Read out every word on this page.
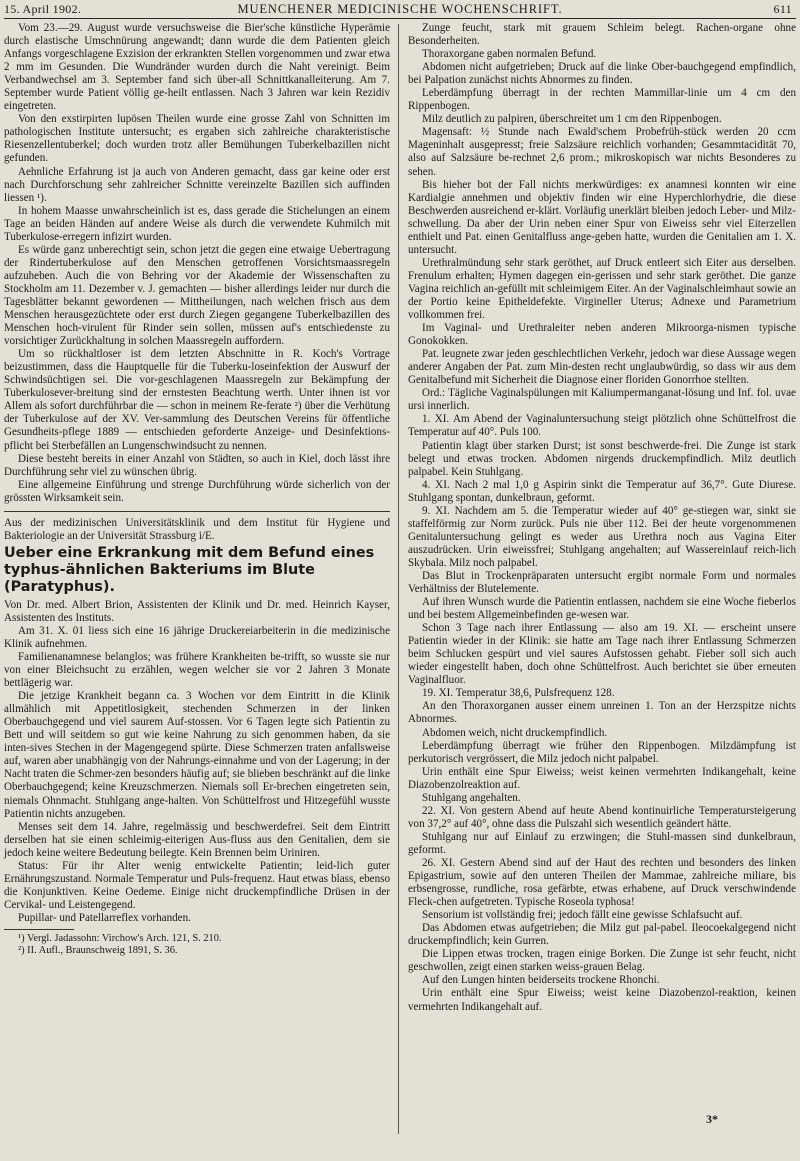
15. April 1902.	MUENCHENER MEDICINISCHE WOCHENSCHRIFT.	611

Vom 23.—29. August wurde versuchsweise die Bier'sche künstliche Hyperämie durch elastische Umschnürung angewandt; dann wurde die dem Patienten gleich Anfangs vorgeschlagene Exzision der erkrankten Stellen vorgenommen und zwar etwa 2 mm im Gesunden. Die Wundränder wurden durch die Naht vereinigt. Beim Verbandwechsel am 3. September fand sich über-all Schnittkanalleiterung. Am 7. September wurde Patient völlig ge-heilt entlassen. Nach 3 Jahren war kein Rezidiv eingetreten.

Von den exstirpirten lupösen Theilen wurde eine grosse Zahl von Schnitten im pathologischen Institute untersucht; es ergaben sich zahlreiche charakteristische Riesenzellentuberkel; doch wurden trotz aller Bemühungen Tuberkelbazillen nicht gefunden.

Aehnliche Erfahrung ist ja auch von Anderen gemacht, dass gar keine oder erst nach Durchforschung sehr zahlreicher Schnitte vereinzelte Bazillen sich auffinden liessen ¹).

In hohem Maasse unwahrscheinlich ist es, dass gerade die Stichelungen an einem Tage an beiden Händen auf andere Weise als durch die verwendete Kuhmilch mit Tuberkulose-erregern infizirt wurden.

Es würde ganz unberechtigt sein, schon jetzt die gegen eine etwaige Uebertragung der Rindertuberkulose auf den Menschen getroffenen Vorsichtsmaassregeln aufzuheben. Auch die von Behring vor der Akademie der Wissenschaften zu Stockholm am 11. Dezember v. J. gemachten — bisher allerdings leider nur durch die Tagesblätter bekannt gewordenen — Mittheilungen, nach welchen frisch aus dem Menschen herausgezüchtete oder erst durch Ziegen gegangene Tuberkelbazillen des Menschen hoch-virulent für Rinder sein sollen, müssen auf's entschiedenste zu vorsichtiger Zurückhaltung in solchen Maassregeln auffordern.

Um so rückhaltloser ist dem letzten Abschnitte in R. Koch's Vortrage beizustimmen, dass die Hauptquelle für die Tuberku-loseinfektion der Auswurf der Schwindsüchtigen sei. Die vor-geschlagenen Maassregeln zur Bekämpfung der Tuberkulosever-breitung sind der ernstesten Beachtung werth. Unter ihnen ist vor Allem als sofort durchführbar die — schon in meinem Re-ferate ²) über die Verhütung der Tuberkulose auf der XV. Ver-sammlung des Deutschen Vereins für öffentliche Gesundheits-pflege 1889 — entschieden geforderte Anzeige- und Desinfektions-pflicht bei Sterbefällen an Lungenschwindsucht zu nennen.

Diese besteht bereits in einer Anzahl von Städten, so auch in Kiel, doch lässt ihre Durchführung sehr viel zu wünschen übrig.

Eine allgemeine Einführung und strenge Durchführung würde sicherlich von der grössten Wirksamkeit sein.

Aus der medizinischen Universitätsklinik und dem Institut für Hygiene und Bakteriologie an der Universität Strassburg i/E.

Ueber eine Erkrankung mit dem Befund eines typhus-ähnlichen Bakteriums im Blute (Paratyphus).

Von Dr. med. Albert Brion, Assistenten der Klinik und Dr. med. Heinrich Kayser, Assistenten des Instituts.

Am 31. X. 01 liess sich eine 16 jährige Druckereiarbeiterin in die medizinische Klinik aufnehmen.

Familienanamnese belanglos; was frühere Krankheiten be-trifft, so wusste sie nur von einer Bleichsucht zu erzählen, wegen welcher sie vor 2 Jahren 3 Monate bettlägerig war.

Die jetzige Krankheit begann ca. 3 Wochen vor dem Eintritt in die Klinik allmählich mit Appetitlosigkeit, stechenden Schmerzen in der linken Oberbauchgegend und viel saurem Auf-stossen. Vor 6 Tagen legte sich Patientin zu Bett und will seitdem so gut wie keine Nahrung zu sich genommen haben, da sie inten-sives Stechen in der Magengegend spürte. Diese Schmerzen traten anfallsweise auf, waren aber unabhängig von der Nahrungs-einnahme und von der Lagerung; in der Nacht traten die Schmer-zen besonders häufig auf; sie blieben beschränkt auf die linke Oberbauchgegend; keine Kreuzschmerzen. Niemals soll Er-brechen eingetreten sein, niemals Ohnmacht. Stuhlgang ange-halten. Von Schüttelfrost und Hitzegefühl wusste Patientin nichts anzugeben.

Menses seit dem 14. Jahre, regelmässig und beschwerdefrei. Seit dem Eintritt derselben hat sie einen schleimig-eiterigen Aus-fluss aus den Genitalien, dem sie jedoch keine weitere Bedeutung beilegte. Kein Brennen beim Uriniren.

Status: Für ihr Alter wenig entwickelte Patientin; leid-lich guter Ernährungszustand. Normale Temperatur und Puls-frequenz. Haut etwas blass, ebenso die Konjunktiven. Keine Oedeme. Einige nicht druckempfindliche Drüsen in der Cervikal- und Leistengegend.

Pupillar- und Patellarreflex vorhanden.

¹) Vergl. Jadassohn: Virchow's Arch. 121, S. 210.

²) II. Aufl., Braunschweig 1891, S. 36.

Zunge feucht, stark mit grauem Schleim belegt. Rachen-organe ohne Besonderheiten.

Thoraxorgane gaben normalen Befund.

Abdomen nicht aufgetrieben; Druck auf die linke Ober-bauchgegend empfindlich, bei Palpation zunächst nichts Abnormes zu finden.

Leberdämpfung überragt in der rechten Mammillar-linie um 4 cm den Rippenbogen.

Milz deutlich zu palpiren, überschreitet um 1 cm den Rippenbogen.

Magensaft: ½ Stunde nach Ewald'schem Probefrüh-stück werden 20 ccm Mageninhalt ausgepresst; freie Salzsäure reichlich vorhanden; Gesammtacidität 70, also auf Salzsäure be-rechnet 2,6 prom.; mikroskopisch war nichts Besonderes zu sehen.

Bis hieher bot der Fall nichts merkwürdiges: ex anamnesi konnten wir eine Kardialgie annehmen und objektiv finden wir eine Hyperchlorhydrie, die diese Beschwerden ausreichend er-klärt. Vorläufig unerklärt bleiben jedoch Leber- und Milz-schwellung. Da aber der Urin neben einer Spur von Eiweiss sehr viel Eiterzellen enthielt und Pat. einen Genitalfluss ange-geben hatte, wurden die Genitalien am 1. X. untersucht.

Urethralmündung sehr stark geröthet, auf Druck entleert sich Eiter aus derselben. Frenulum erhalten; Hymen dagegen ein-gerissen und sehr stark geröthet. Die ganze Vagina reichlich an-gefüllt mit schleimigem Eiter. An der Vaginalschleimhaut sowie an der Portio keine Epitheldefekte. Virgineller Uterus; Adnexe und Parametrium vollkommen frei.

Im Vaginal- und Urethraleiter neben anderen Mikroorga-nismen typische Gonokokken.

Pat. leugnete zwar jeden geschlechtlichen Verkehr, jedoch war diese Aussage wegen anderer Angaben der Pat. zum Min-desten recht unglaubwürdig, so dass wir aus dem Genitalbefund mit Sicherheit die Diagnose einer floriden Gonorrhoe stellten.

Ord.: Tägliche Vaginalspülungen mit Kaliumpermanganat-lösung und Inf. fol. uvae ursi innerlich.

1. XI. Am Abend der Vaginaluntersuchung steigt plötzlich ohne Schüttelfrost die Temperatur auf 40°. Puls 100.

Patientin klagt über starken Durst; ist sonst beschwerde-frei. Die Zunge ist stark belegt und etwas trocken. Abdomen nirgends druckempfindlich. Milz deutlich palpabel. Kein Stuhlgang.

4. XI. Nach 2 mal 1,0 g Aspirin sinkt die Temperatur auf 36,7°. Gute Diurese. Stuhlgang spontan, dunkelbraun, geformt.

9. XI. Nachdem am 5. die Temperatur wieder auf 40° ge-stiegen war, sinkt sie staffelförmig zur Norm zurück. Puls nie über 112. Bei der heute vorgenommenen Genitaluntersuchung gelingt es weder aus Urethra noch aus Vagina Eiter auszudrücken. Urin eiweissfrei; Stuhlgang angehalten; auf Wassereinlauf reich-lich Skybala. Milz noch palpabel.

Das Blut in Trockenpräparaten untersucht ergibt normale Form und normales Verhältniss der Blutelemente.

Auf ihren Wunsch wurde die Patientin entlassen, nachdem sie eine Woche fieberlos und bei bestem Allgemeinbefinden ge-wesen war.

Schon 3 Tage nach ihrer Entlassung — also am 19. XI. — erscheint unsere Patientin wieder in der Klinik: sie hatte am Tage nach ihrer Entlassung Schmerzen beim Schlucken gespürt und viel saures Aufstossen gehabt. Fieber soll sich auch wieder eingestellt haben, doch ohne Schüttelfrost. Auch berichtet sie über erneuten Vaginalfluor.

19. XI. Temperatur 38,6, Pulsfrequenz 128.

An den Thoraxorganen ausser einem unreinen 1. Ton an der Herzspitze nichts Abnormes.

Abdomen weich, nicht druckempfindlich.

Leberdämpfung überragt wie früher den Rippenbogen. Milzdämpfung ist perkutorisch vergrössert, die Milz jedoch nicht palpabel.

Urin enthält eine Spur Eiweiss; weist keinen vermehrten Indikangehalt, keine Diazobenzolreaktion auf.

Stuhlgang angehalten.

22. XI. Von gestern Abend auf heute Abend kontinuirliche Temperatursteigerung von 37,2° auf 40°, ohne dass die Pulszahl sich wesentlich geändert hätte.

Stuhlgang nur auf Einlauf zu erzwingen; die Stuhl-massen sind dunkelbraun, geformt.

26. XI. Gestern Abend sind auf der Haut des rechten und besonders des linken Epigastrium, sowie auf den unteren Theilen der Mammae, zahlreiche miliare, bis erbsengrosse, rundliche, rosa gefärbte, etwas erhabene, auf Druck verschwindende Fleck-chen aufgetreten. Typische Roseola typhosa!

Sensorium ist vollständig frei; jedoch fällt eine gewisse Schlafsucht auf.

Das Abdomen etwas aufgetrieben; die Milz gut pal-pabel. Ileocoekalgegend nicht druckempfindlich; kein Gurren.

Die Lippen etwas trocken, tragen einige Borken. Die Zunge ist sehr feucht, nicht geschwollen, zeigt einen starken weiss-grauen Belag.

Auf den Lungen hinten beiderseits trockene Rhonchi.

Urin enthält eine Spur Eiweiss; weist keine Diazobenzol-reaktion, keinen vermehrten Indikangehalt auf.

3*
